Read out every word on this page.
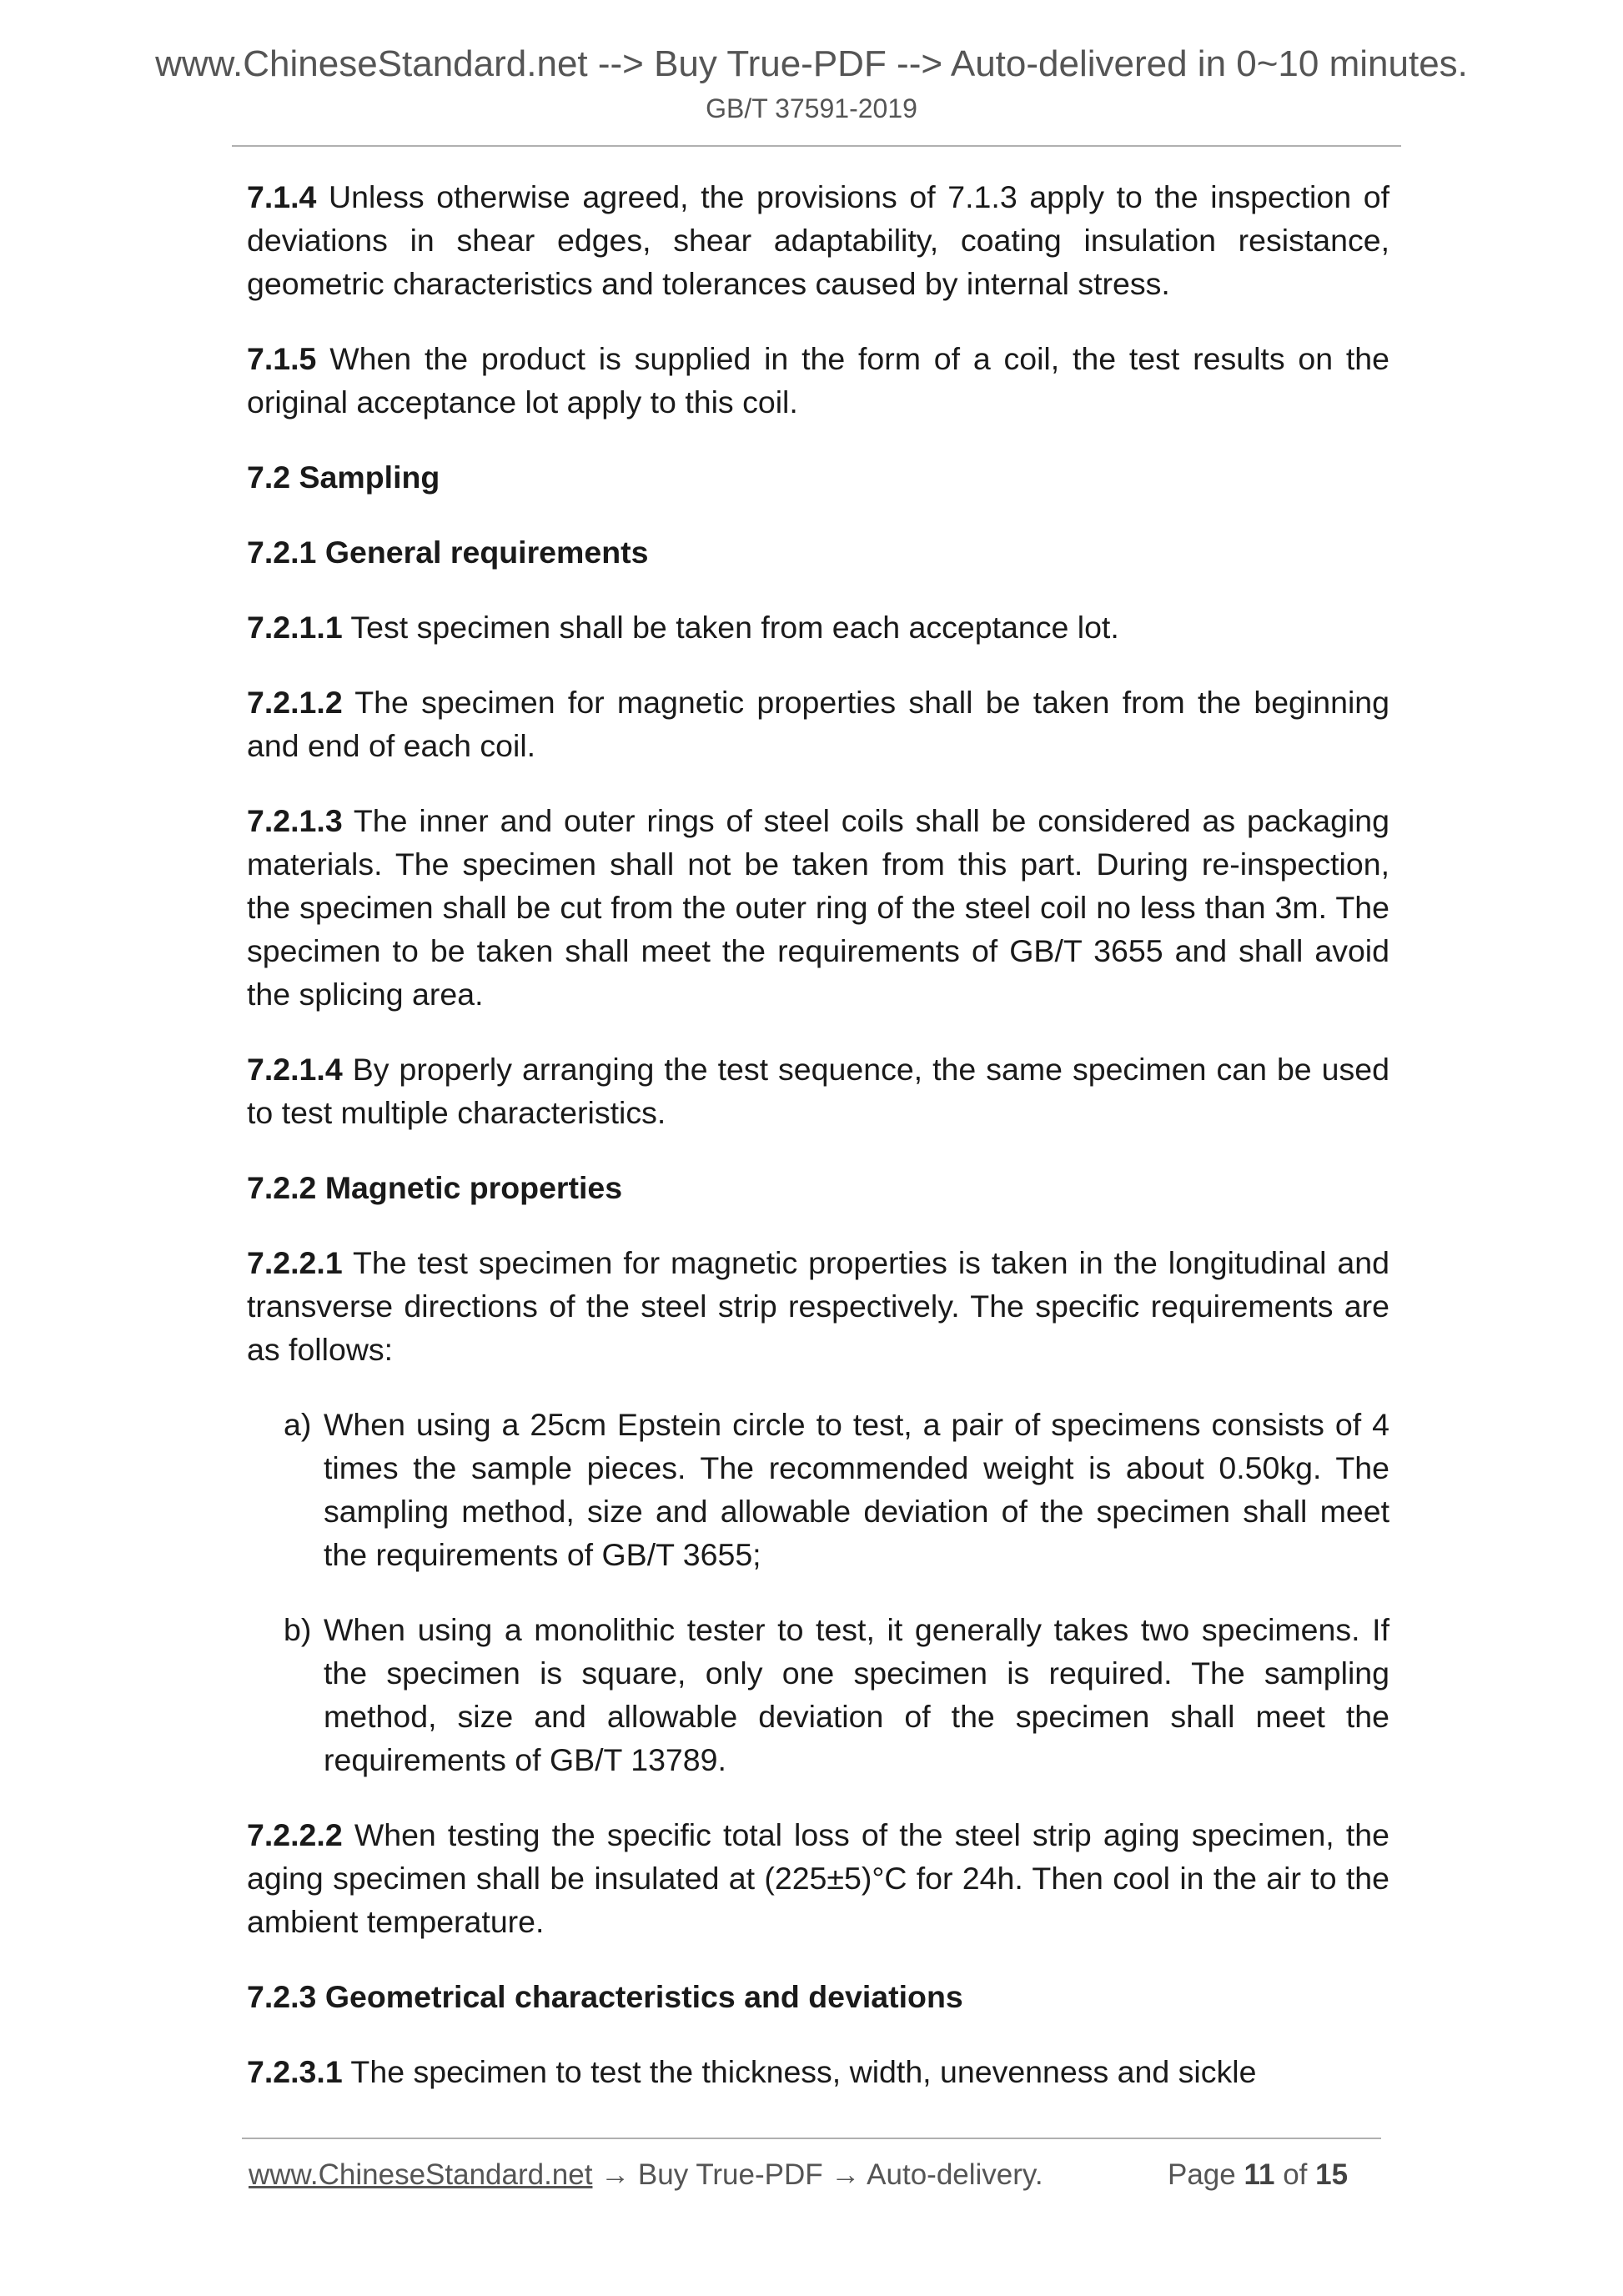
www.ChineseStandard.net --> Buy True-PDF --> Auto-delivered in 0~10 minutes.
GB/T 37591-2019

7.1.4 Unless otherwise agreed, the provisions of 7.1.3 apply to the inspection of deviations in shear edges, shear adaptability, coating insulation resistance, geometric characteristics and tolerances caused by internal stress.

7.1.5 When the product is supplied in the form of a coil, the test results on the original acceptance lot apply to this coil.

7.2 Sampling

7.2.1 General requirements

7.2.1.1 Test specimen shall be taken from each acceptance lot.

7.2.1.2 The specimen for magnetic properties shall be taken from the beginning and end of each coil.

7.2.1.3 The inner and outer rings of steel coils shall be considered as packaging materials. The specimen shall not be taken from this part. During re-inspection, the specimen shall be cut from the outer ring of the steel coil no less than 3m. The specimen to be taken shall meet the requirements of GB/T 3655 and shall avoid the splicing area.

7.2.1.4 By properly arranging the test sequence, the same specimen can be used to test multiple characteristics.

7.2.2 Magnetic properties

7.2.2.1 The test specimen for magnetic properties is taken in the longitudinal and transverse directions of the steel strip respectively. The specific requirements are as follows:

a) When using a 25cm Epstein circle to test, a pair of specimens consists of 4 times the sample pieces. The recommended weight is about 0.50kg. The sampling method, size and allowable deviation of the specimen shall meet the requirements of GB/T 3655;
b) When using a monolithic tester to test, it generally takes two specimens. If the specimen is square, only one specimen is required. The sampling method, size and allowable deviation of the specimen shall meet the requirements of GB/T 13789.

7.2.2.2 When testing the specific total loss of the steel strip aging specimen, the aging specimen shall be insulated at (225±5)°C for 24h. Then cool in the air to the ambient temperature.

7.2.3 Geometrical characteristics and deviations

7.2.3.1 The specimen to test the thickness, width, unevenness and sickle

www.ChineseStandard.net → Buy True-PDF → Auto-delivery.	Page 11 of 15
